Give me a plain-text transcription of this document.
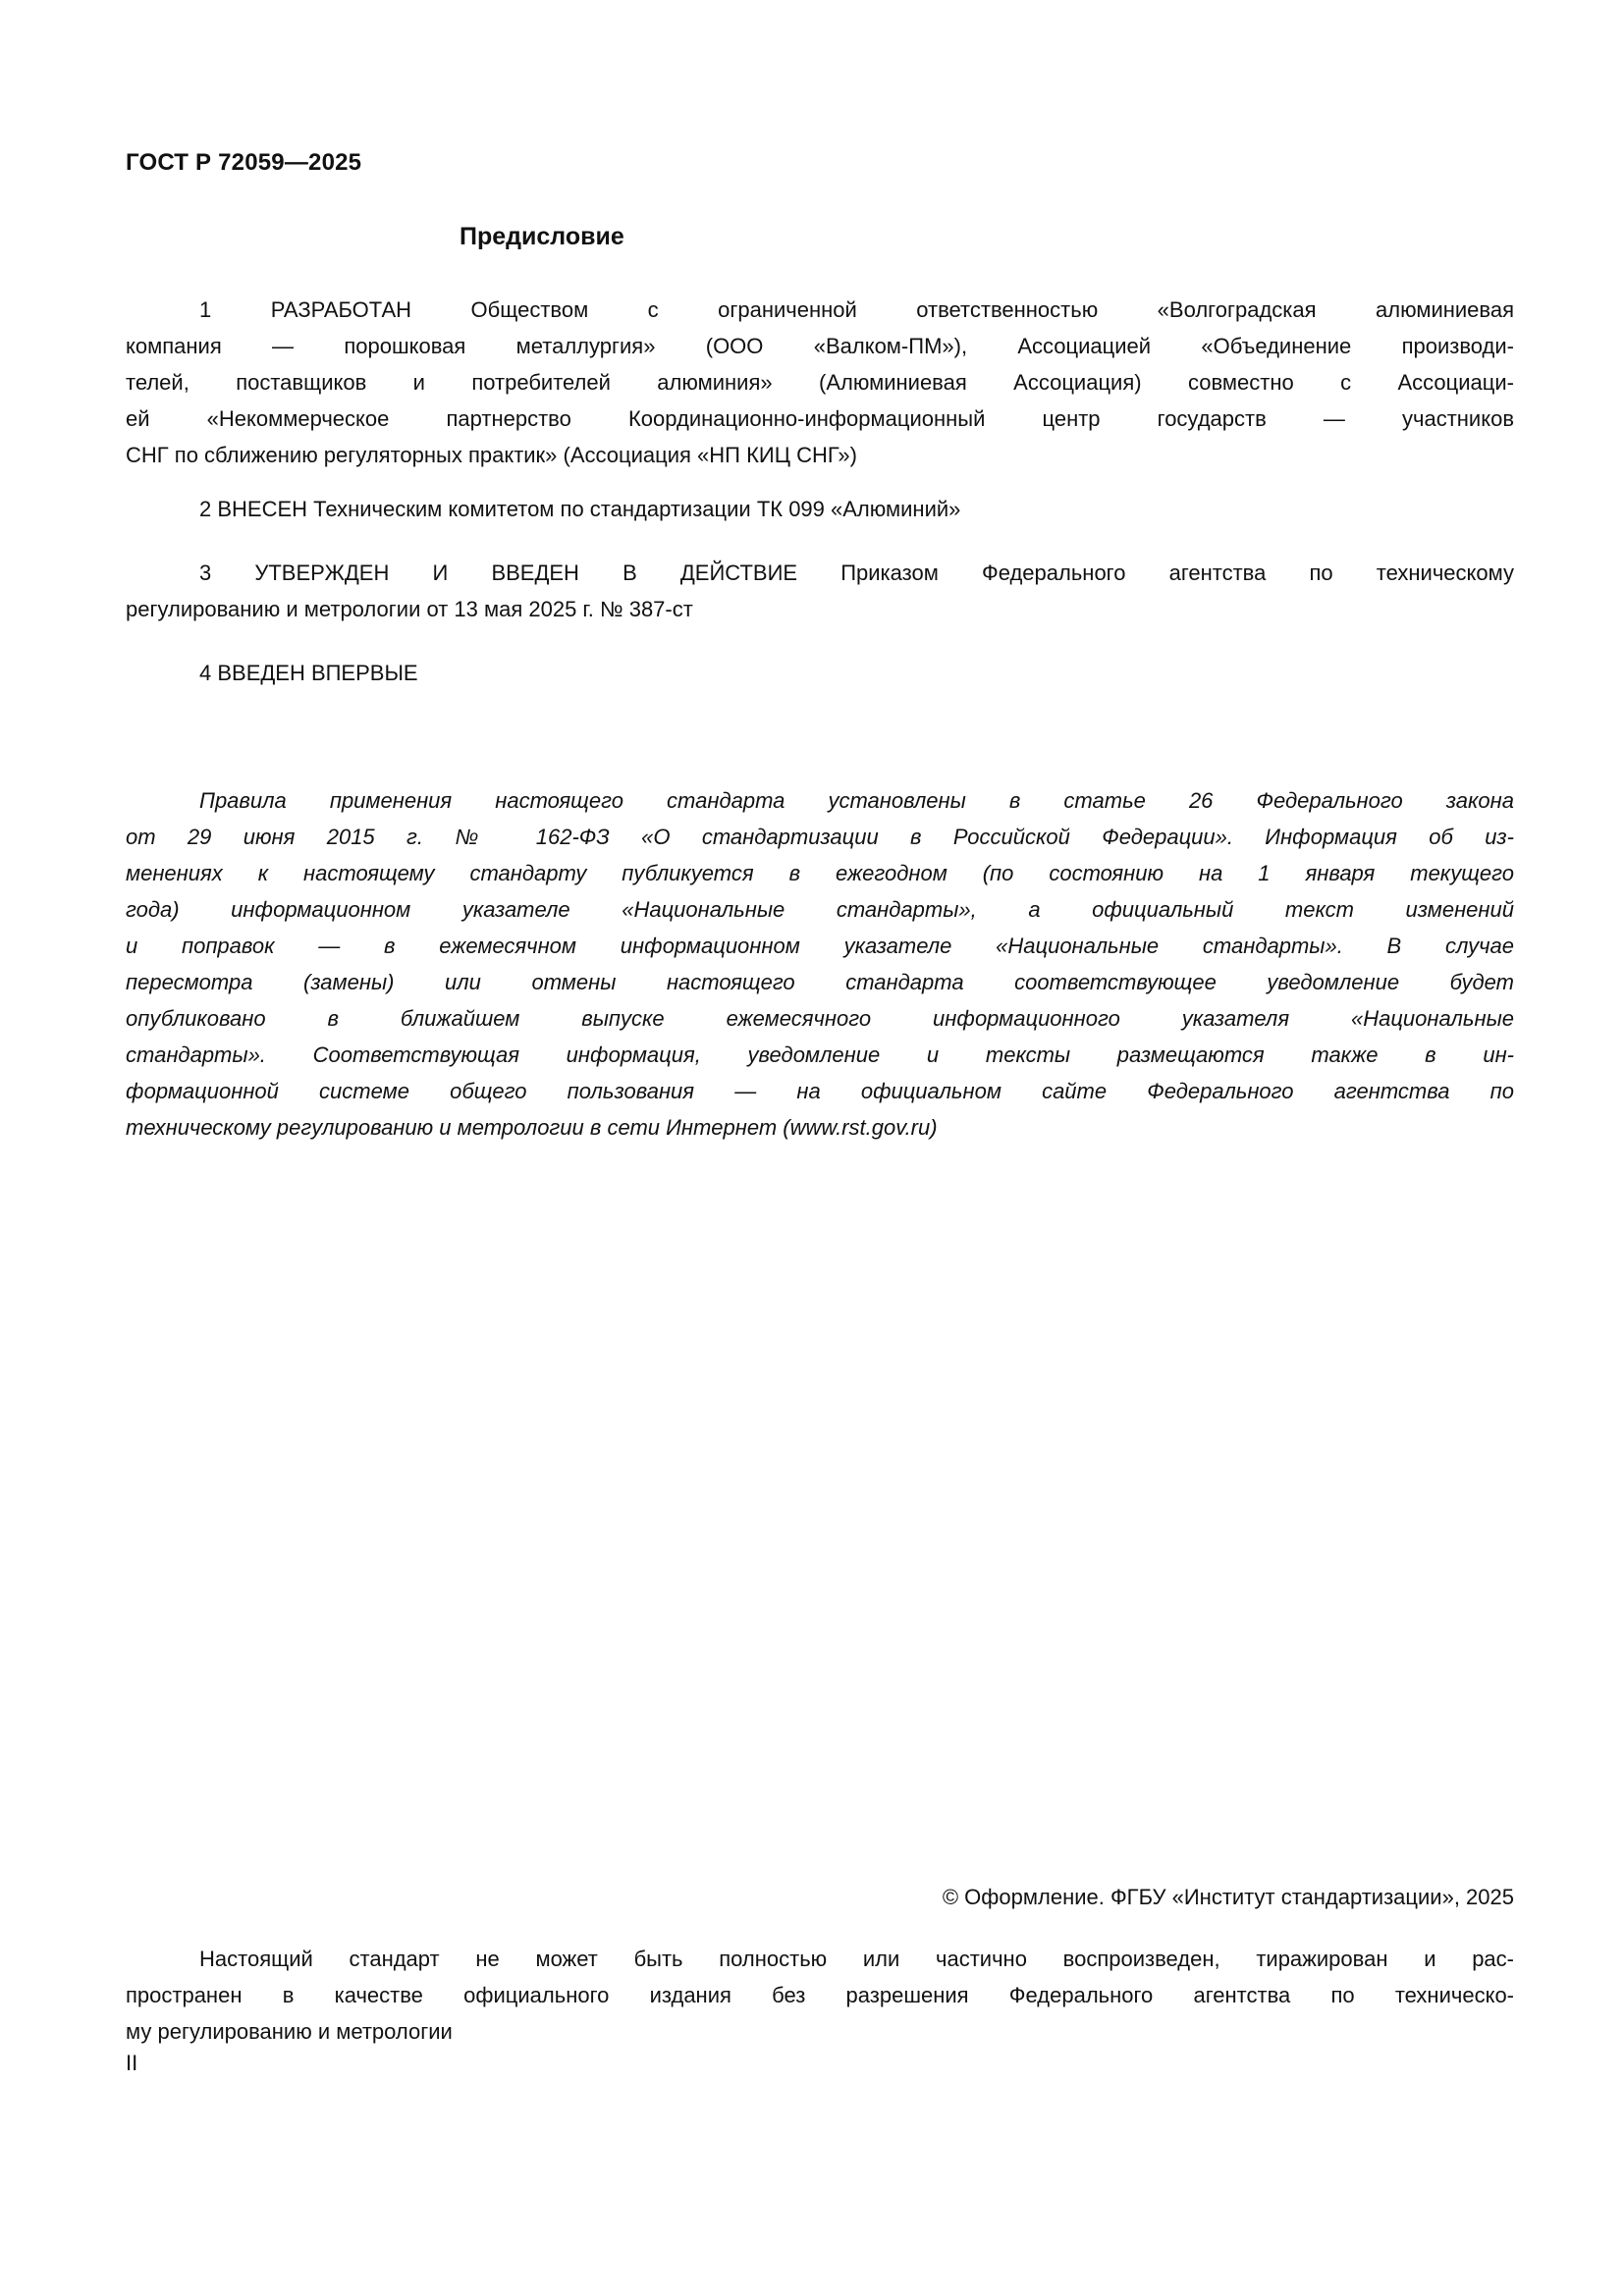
ГОСТ Р 72059—2025
Предисловие
1 РАЗРАБОТАН Обществом с ограниченной ответственностью «Волгоградская алюминиевая
компания — порошковая металлургия» (ООО «Валком-ПМ»), Ассоциацией «Объединение производи-
телей, поставщиков и потребителей алюминия» (Алюминиевая Ассоциация) совместно с Ассоциаци-
ей «Некоммерческое партнерство Координационно-информационный центр государств — участников
СНГ по сближению регуляторных практик» (Ассоциация «НП КИЦ СНГ»)
2 ВНЕСЕН Техническим комитетом по стандартизации ТК 099 «Алюминий»
3 УТВЕРЖДЕН И ВВЕДЕН В ДЕЙСТВИЕ Приказом Федерального агентства по техническому
регулированию и метрологии от 13 мая 2025 г. № 387-ст
4 ВВЕДЕН ВПЕРВЫЕ
Правила применения настоящего стандарта установлены в статье 26 Федерального закона
от 29 июня 2015 г. № 162-ФЗ «О стандартизации в Российской Федерации». Информация об из-
менениях к настоящему стандарту публикуется в ежегодном (по состоянию на 1 января текущего
года) информационном указателе «Национальные стандарты», а официальный текст изменений
и поправок — в ежемесячном информационном указателе «Национальные стандарты». В случае
пересмотра (замены) или отмены настоящего стандарта соответствующее уведомление будет
опубликовано в ближайшем выпуске ежемесячного информационного указателя «Национальные
стандарты». Соответствующая информация, уведомление и тексты размещаются также в ин-
формационной системе общего пользования — на официальном сайте Федерального агентства по
техническому регулированию и метрологии в сети Интернет (www.rst.gov.ru)
© Оформление. ФГБУ «Институт стандартизации», 2025
Настоящий стандарт не может быть полностью или частично воспроизведен, тиражирован и рас-
пространен в качестве официального издания без разрешения Федерального агентства по техническо-
му регулированию и метрологии
II
